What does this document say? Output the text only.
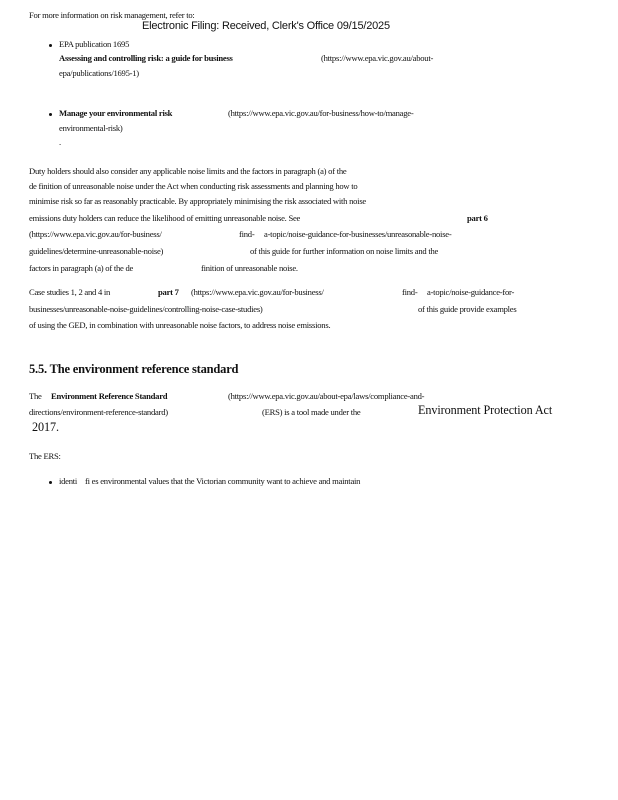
For more information on risk management, refer to:
Electronic Filing: Received, Clerk's Office 09/15/2025
EPA publication 1695
Assessing and controlling risk: a guide for business	(https://www.epa.vic.gov.au/about-
epa/publications/1695-1)
Manage your environmental risk	(https://www.epa.vic.gov.au/for-business/how-to/manage-
environmental-risk)
.
Duty holders should also consider any applicable noise limits and the factors in paragraph (a) of the
de finition of unreasonable noise under the Act when conducting risk assessments and planning how to
minimise risk so far as reasonably practicable. By appropriately minimising the risk associated with noise
emissions duty holders can reduce the likelihood of emitting unreasonable noise. See	part 6
(https://www.epa.vic.gov.au/for-business/	find- a-topic/noise-guidance-for-businesses/unreasonable-noise-
guidelines/determine-unreasonable-noise)	of this guide for further information on noise limits and the
factors in paragraph (a) of the de	finition of unreasonable noise.
Case studies 1, 2 and 4 in	part 7 (https://www.epa.vic.gov.au/for-business/	find- a-topic/noise-guidance-for-
businesses/unreasonable-noise-guidelines/controlling-noise-case-studies)	of this guide provide examples
of using the GED, in combination with unreasonable noise factors, to address noise emissions.
5.5. The environment reference standard
The Environment Reference Standard	(https://www.epa.vic.gov.au/about-epa/laws/compliance-and-
directions/environment-reference-standard)	(ERS) is a tool made under the	Environment Protection Act
2017.
The ERS:
identi fi es environmental values that the Victorian community want to achieve and maintain
